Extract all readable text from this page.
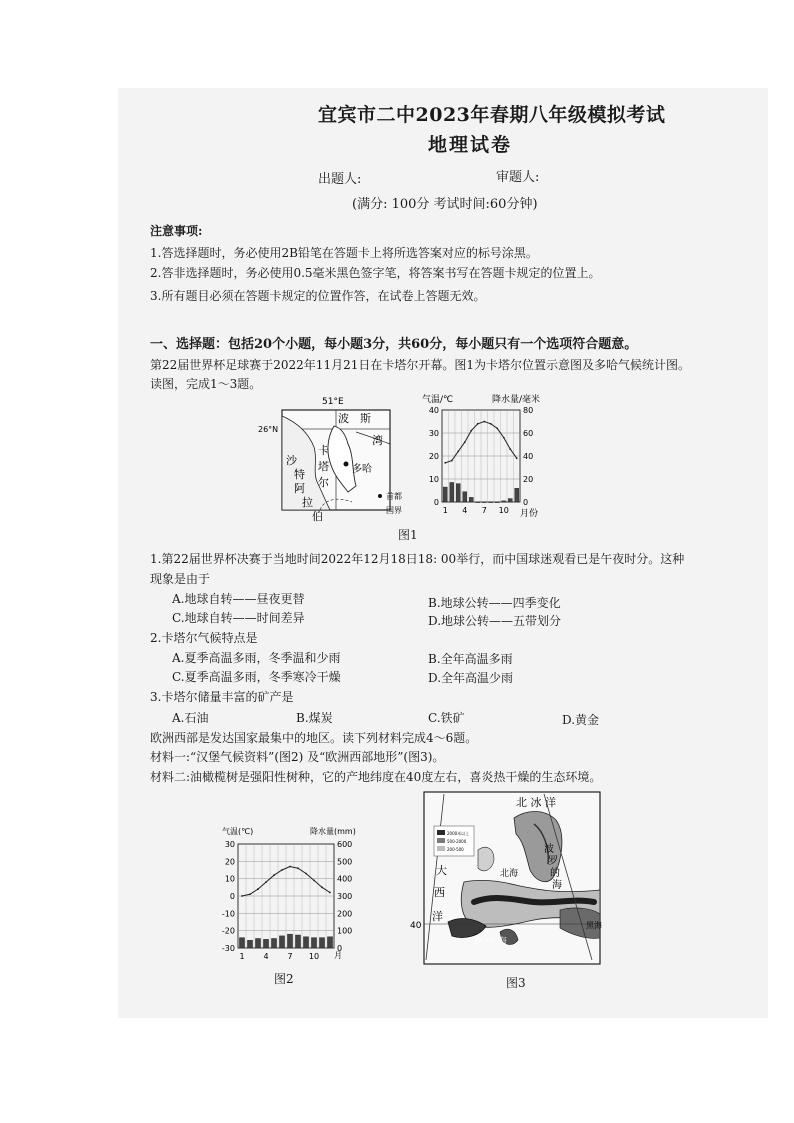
宜宾市二中2023年春期八年级模拟考试
地理试卷
出题人:	审题人:
(满分: 100分 考试时间:60分钟)
注意事项:
1.答选择题时，务必使用2B铅笔在答题卡上将所选答案对应的标号涂黑。
2.答非选择题时，务必使用0.5毫米黑色签字笔，将答案书写在答题卡规定的位置上。
3.所有题目必须在答题卡规定的位置作答，在试卷上答题无效。
一、选择题：包括20个小题，每小题3分，共60分，每小题只有一个选项符合题意。
第22届世界杯足球赛于2022年11月21日在卡塔尔开幕。图1为卡塔尔位置示意图及多哈气候统计图。
读图，完成1～3题。
51°E
26°N
波 斯
湾
卡
塔
尔
沙
特
阿
拉
伯
多哈
首都
国界
气温/℃	降水量/毫米
月份
40
30
20
10
0
80
60
40
20
0
1 4 7 10
图1
1.第22届世界杯决赛于当地时间2022年12月18日18: 00举行，而中国球迷观看已是午夜时分。这种
现象是由于
A.地球自转——昼夜更替	B.地球公转——四季变化
C.地球自转——时间差异	D.地球公转——五带划分
2.卡塔尔气候特点是
A.夏季高温多雨，冬季温和少雨	B.全年高温多雨
C.夏季高温多雨，冬季寒冷干燥	D.全年高温少雨
3.卡塔尔储量丰富的矿产是
A.石油	B.煤炭	C.铁矿	D.黄金
欧洲西部是发达国家最集中的地区。读下列材料完成4～6题。
材料一:“汉堡气候资料”(图2) 及“欧洲西部地形”(图3)。
材料二:油橄榄树是强阳性树种，它的产地纬度在40度左右，喜炎热干燥的生态环境。
气温(℃)	降水量(mm)
月
30
20
10
0
-10
-20
-30
600
500
400
300
200
100
0
1 4 7 10
图2
2000米以上
500-2000
200-500
北 冰 洋
大
西
洋
北海
波
罗
的
海
黑海
地 中 海
40
图3
